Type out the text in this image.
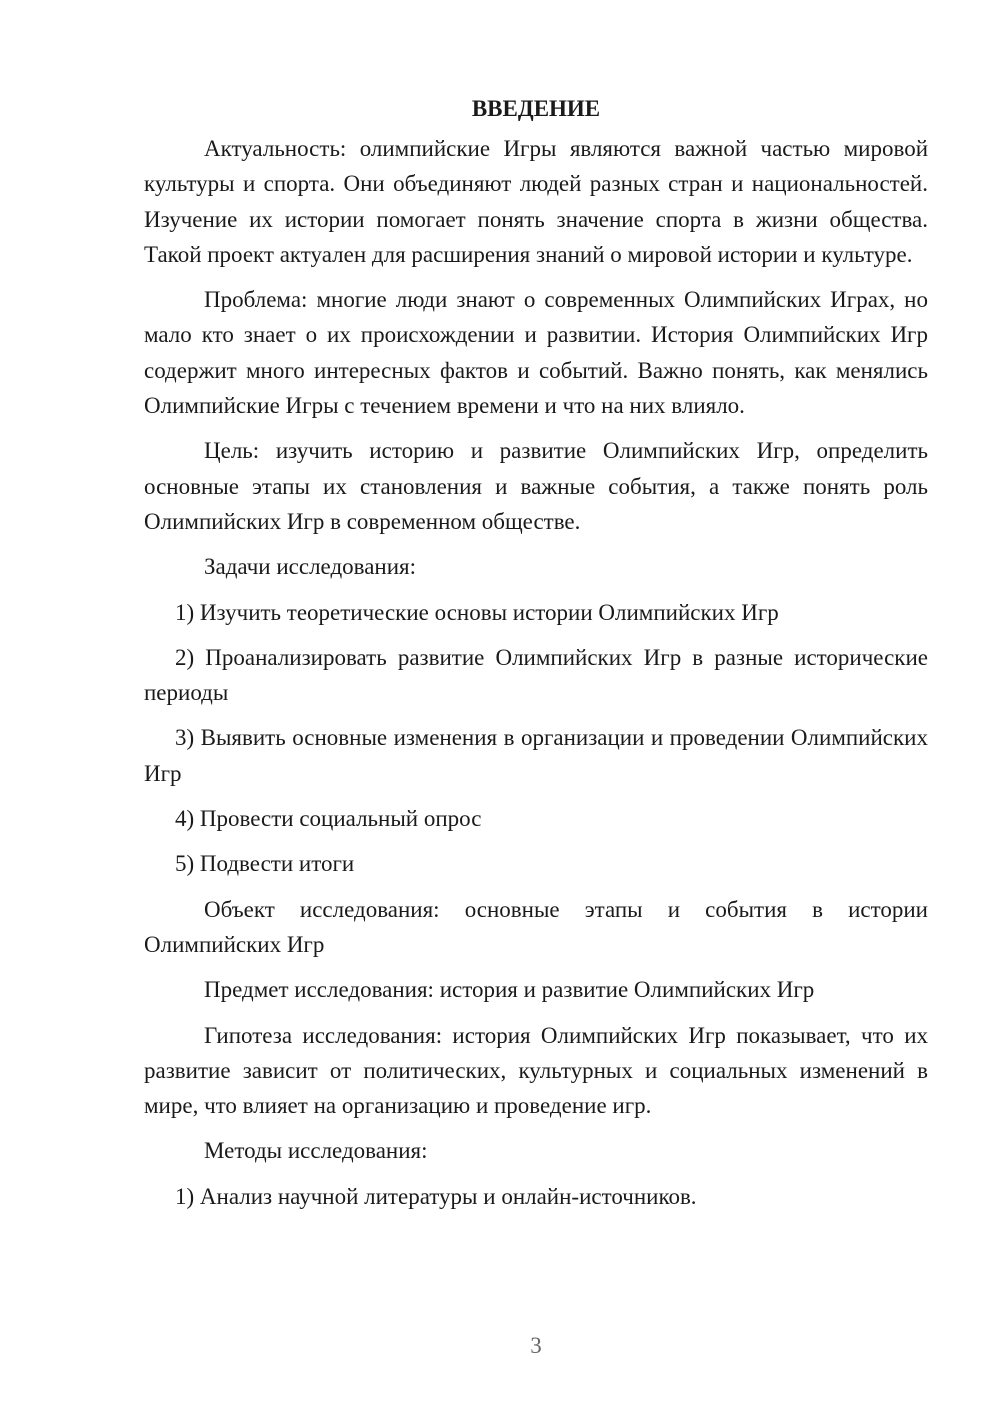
ВВЕДЕНИЕ

Актуальность: олимпийские Игры являются важной частью мировой культуры и спорта. Они объединяют людей разных стран и национальностей. Изучение их истории помогает понять значение спорта в жизни общества. Такой проект актуален для расширения знаний о мировой истории и культуре.

Проблема: многие люди знают о современных Олимпийских Играх, но мало кто знает о их происхождении и развитии. История Олимпийских Игр содержит много интересных фактов и событий. Важно понять, как менялись Олимпийские Игры с течением времени и что на них влияло.

Цель: изучить историю и развитие Олимпийских Игр, определить основные этапы их становления и важные события, а также понять роль Олимпийских Игр в современном обществе.

Задачи исследования:

1) Изучить теоретические основы истории Олимпийских Игр

2) Проанализировать развитие Олимпийских Игр в разные исторические периоды

3) Выявить основные изменения в организации и проведении Олимпийских Игр

4) Провести социальный опрос

5) Подвести итоги

Объект исследования: основные этапы и события в истории Олимпийских Игр

Предмет исследования: история и развитие Олимпийских Игр

Гипотеза исследования: история Олимпийских Игр показывает, что их развитие зависит от политических, культурных и социальных изменений в мире, что влияет на организацию и проведение игр.

Методы исследования:

1) Анализ научной литературы и онлайн-источников.

3
